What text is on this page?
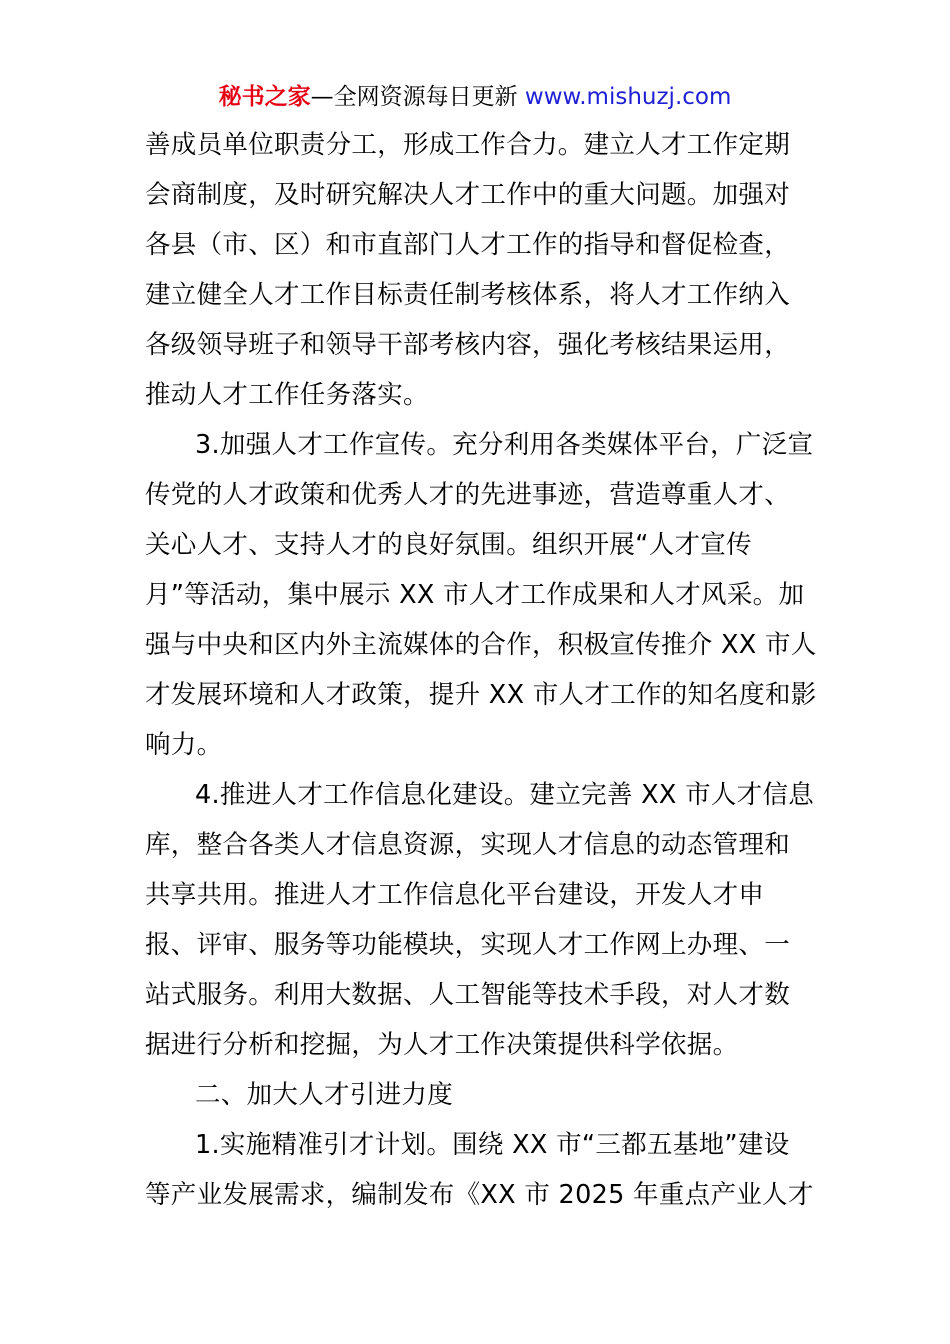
秘书之家—全网资源每日更新 www.mishuzj.com
善成员单位职责分工，形成工作合力。建立人才工作定期
会商制度，及时研究解决人才工作中的重大问题。加强对
各县（市、区）和市直部门人才工作的指导和督促检查，
建立健全人才工作目标责任制考核体系，将人才工作纳入
各级领导班子和领导干部考核内容，强化考核结果运用，
推动人才工作任务落实。
3.加强人才工作宣传。充分利用各类媒体平台，广泛宣
传党的人才政策和优秀人才的先进事迹，营造尊重人才、
关心人才、支持人才的良好氛围。组织开展“人才宣传
月”等活动，集中展示 XX 市人才工作成果和人才风采。加
强与中央和区内外主流媒体的合作，积极宣传推介 XX 市人
才发展环境和人才政策，提升 XX 市人才工作的知名度和影
响力。
4.推进人才工作信息化建设。建立完善 XX 市人才信息
库，整合各类人才信息资源，实现人才信息的动态管理和
共享共用。推进人才工作信息化平台建设，开发人才申
报、评审、服务等功能模块，实现人才工作网上办理、一
站式服务。利用大数据、人工智能等技术手段，对人才数
据进行分析和挖掘，为人才工作决策提供科学依据。
二、加大人才引进力度
1.实施精准引才计划。围绕 XX 市“三都五基地”建设
等产业发展需求，编制发布《XX 市 2025 年重点产业人才
